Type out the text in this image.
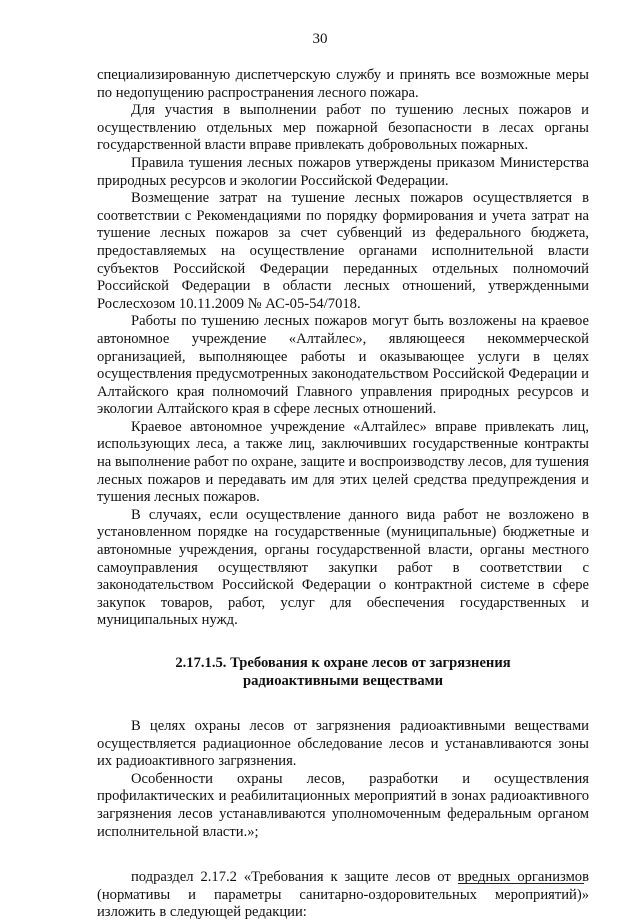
30

специализированную диспетчерскую службу и принять все возможные меры по недопущению распространения лесного пожара.

Для участия в выполнении работ по тушению лесных пожаров и осуществлению отдельных мер пожарной безопасности в лесах органы государственной власти вправе привлекать добровольных пожарных.

Правила тушения лесных пожаров утверждены приказом Министерства природных ресурсов и экологии Российской Федерации.

Возмещение затрат на тушение лесных пожаров осуществляется в соответствии с Рекомендациями по порядку формирования и учета затрат на тушение лесных пожаров за счет субвенций из федерального бюджета, предоставляемых на осуществление органами исполнительной власти субъектов Российской Федерации переданных отдельных полномочий Российской Федерации в области лесных отношений, утвержденными Рослесхозом 10.11.2009 № АС-05-54/7018.

Работы по тушению лесных пожаров могут быть возложены на краевое автономное учреждение «Алтайлес», являющееся некоммерческой организацией, выполняющее работы и оказывающее услуги в целях осуществления предусмотренных законодательством Российской Федерации и Алтайского края полномочий Главного управления природных ресурсов и экологии Алтайского края в сфере лесных отношений.

Краевое автономное учреждение «Алтайлес» вправе привлекать лиц, использующих леса, а также лиц, заключивших государственные контракты на выполнение работ по охране, защите и воспроизводству лесов, для тушения лесных пожаров и передавать им для этих целей средства предупреждения и тушения лесных пожаров.

В случаях, если осуществление данного вида работ не возложено в установленном порядке на государственные (муниципальные) бюджетные и автономные учреждения, органы государственной власти, органы местного самоуправления осуществляют закупки работ в соответствии с законодательством Российской Федерации о контрактной системе в сфере закупок товаров, работ, услуг для обеспечения государственных и муниципальных нужд.

2.17.1.5. Требования к охране лесов от загрязнения
радиоактивными веществами

В целях охраны лесов от загрязнения радиоактивными веществами осуществляется радиационное обследование лесов и устанавливаются зоны их радиоактивного загрязнения.

Особенности охраны лесов, разработки и осуществления профилактических и реабилитационных мероприятий в зонах радиоактивного загрязнения лесов устанавливаются уполномоченным федеральным органом исполнительной власти.»;

подраздел 2.17.2 «Требования к защите лесов от вредных организмов (нормативы и параметры санитарно-оздоровительных мероприятий)» изложить в следующей редакции:
